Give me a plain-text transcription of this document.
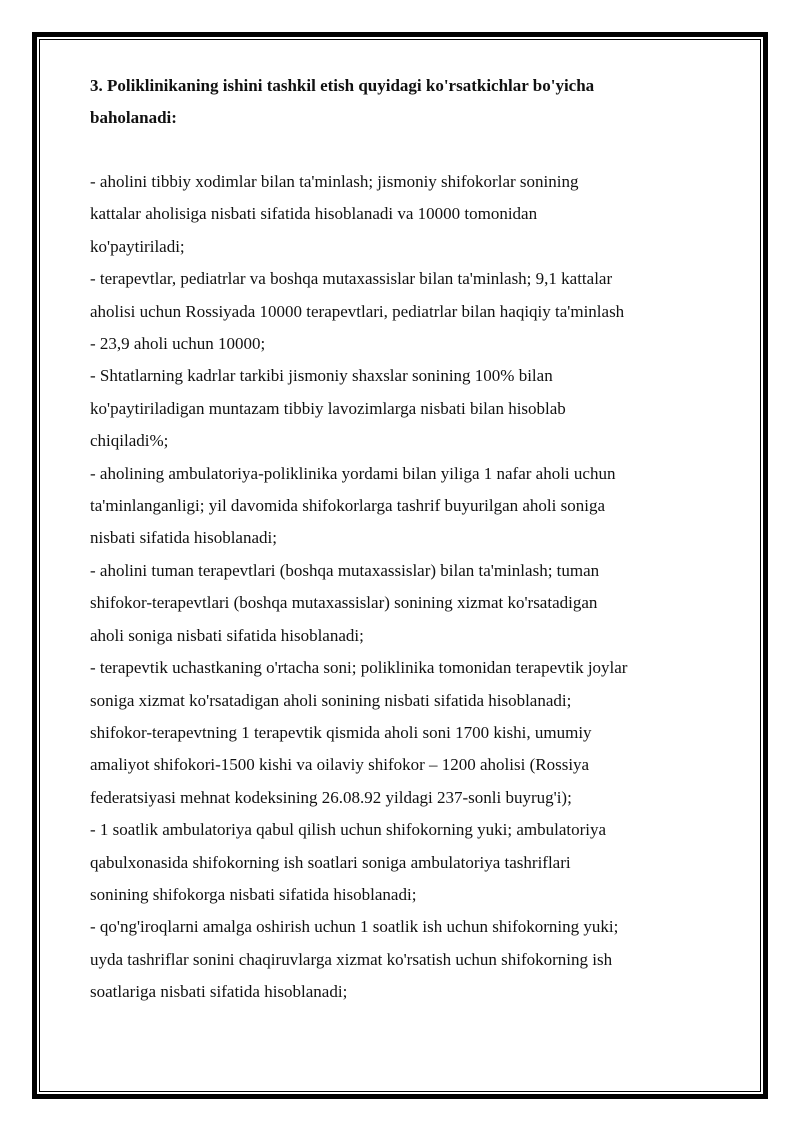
3. Poliklinikaning ishini tashkil etish quyidagi ko'rsatkichlar bo'yicha

baholanadi:

- aholini tibbiy xodimlar bilan ta'minlash; jismoniy shifokorlar sonining

kattalar aholisiga nisbati sifatida hisoblanadi va 10000 tomonidan

ko'paytiriladi;

- terapevtlar, pediatrlar va boshqa mutaxassislar bilan ta'minlash; 9,1 kattalar

aholisi uchun Rossiyada 10000 terapevtlari, pediatrlar bilan haqiqiy ta'minlash

- 23,9 aholi uchun 10000;

- Shtatlarning kadrlar tarkibi jismoniy shaxslar sonining 100% bilan

ko'paytiriladigan muntazam tibbiy lavozimlarga nisbati bilan hisoblab

chiqiladi%;

- aholining ambulatoriya-poliklinika yordami bilan yiliga 1 nafar aholi uchun

ta'minlanganligi; yil davomida shifokorlarga tashrif buyurilgan aholi soniga

nisbati sifatida hisoblanadi;

- aholini tuman terapevtlari (boshqa mutaxassislar) bilan ta'minlash; tuman

shifokor-terapevtlari (boshqa mutaxassislar) sonining xizmat ko'rsatadigan

aholi soniga nisbati sifatida hisoblanadi;

- terapevtik uchastkaning o'rtacha soni; poliklinika tomonidan terapevtik joylar

soniga xizmat ko'rsatadigan aholi sonining nisbati sifatida hisoblanadi;

shifokor-terapevtning 1 terapevtik qismida aholi soni 1700 kishi, umumiy

amaliyot shifokori-1500 kishi va oilaviy shifokor – 1200 aholisi (Rossiya

federatsiyasi mehnat kodeksining 26.08.92 yildagi 237-sonli buyrug'i);

- 1 soatlik ambulatoriya qabul qilish uchun shifokorning yuki; ambulatoriya

qabulxonasida shifokorning ish soatlari soniga ambulatoriya tashriflari

sonining shifokorga nisbati sifatida hisoblanadi;

- qo'ng'iroqlarni amalga oshirish uchun 1 soatlik ish uchun shifokorning yuki;

uyda tashriflar sonini chaqiruvlarga xizmat ko'rsatish uchun shifokorning ish

soatlariga nisbati sifatida hisoblanadi;
